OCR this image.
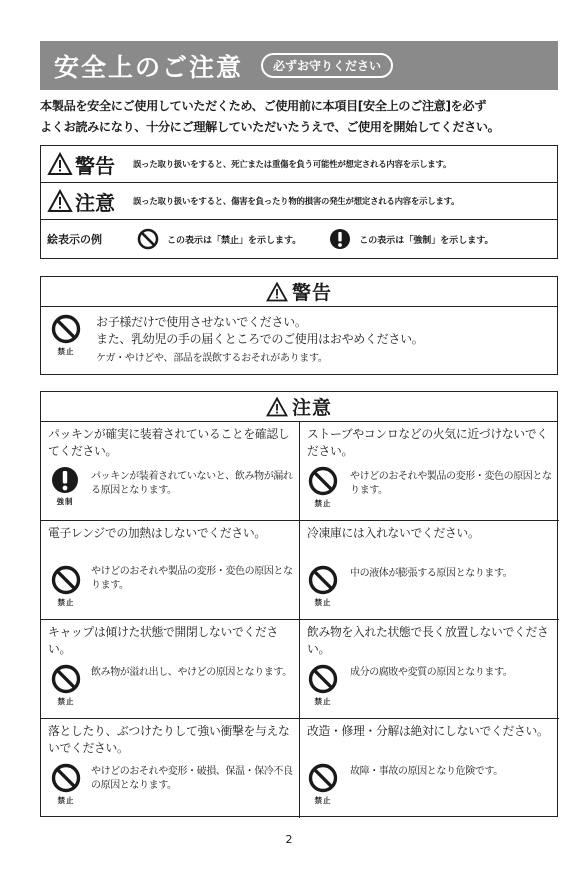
安全上のご注意	必ずお守りください
本製品を安全にご使用していただくため、ご使用前に本項目[安全上のご注意]を必ず
よくお読みになり、十分にご理解していただいたうえで、ご使用を開始してください。
警告 誤った取り扱いをすると、死亡または重傷を負う可能性が想定される内容を示します。
注意 誤った取り扱いをすると、傷害を負ったり物的損害の発生が想定される内容を示します。
絵表示の例	この表示は「禁止」を示します。	この表示は「強制」を示します。
警告
禁止
お子様だけで使用させないでください。
また、乳幼児の手の届くところでのご使用はおやめください。
ケガ・やけどや、部品を誤飲するおそれがあります。
注意
パッキンが確実に装着されていることを確認してください。
強制
パッキンが装着されていないと、飲み物が漏れる原因となります。
ストーブやコンロなどの火気に近づけないでください。
禁止
やけどのおそれや製品の変形・変色の原因となります。
電子レンジでの加熱はしないでください。
禁止
やけどのおそれや製品の変形・変色の原因となります。
冷凍庫には入れないでください。
禁止
中の液体が膨張する原因となります。
キャップは傾けた状態で開閉しないでください。
禁止
飲み物が溢れ出し、やけどの原因となります。
飲み物を入れた状態で長く放置しないでください。
禁止
成分の腐敗や変質の原因となります。
落としたり、ぶつけたりして強い衝撃を与えないでください。
禁止
やけどのおそれや変形・破損、保温・保冷不良の原因となります。
改造・修理・分解は絶対にしないでください。
禁止
故障・事故の原因となり危険です。
2
